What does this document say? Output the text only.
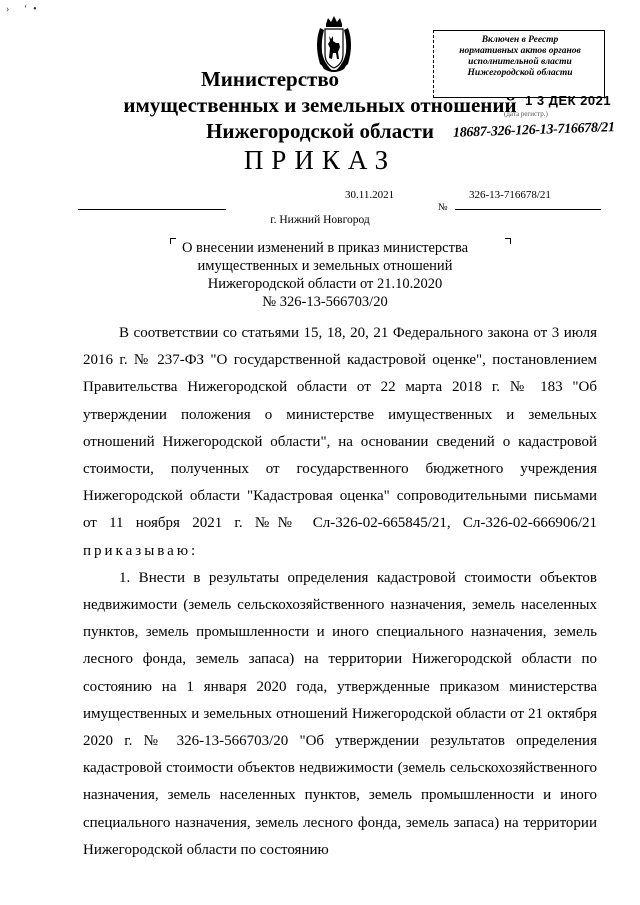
› ‘•
Включен в Реестр
нормативных актов органов
исполнительной власти
Нижегородской области
Министерство
имущественных и земельных отношений
Нижегородской области
1 3 ДЕК 2021
(дата регистр.)
18687-326-126-13-716678/21
ПРИКАЗ
30.11.2021	326-13-716678/21
№
г. Нижний Новгород
О внесении изменений в приказ министерства
имущественных и земельных отношений
Нижегородской области от 21.10.2020
№ 326-13-566703/20

В соответствии со статьями 15, 18, 20, 21 Федерального закона от 3 июля 2016 г. № 237-ФЗ "О государственной кадастровой оценке", постановлением Правительства Нижегородской области от 22 марта 2018 г. № 183 "Об утверждении положения о министерстве имущественных и земельных отношений Нижегородской области", на основании сведений о кадастровой стоимости, полученных от государственного бюджетного учреждения Нижегородской области "Кадастровая оценка" сопроводительными письмами от 11 ноября 2021 г. №№ Сл-326-02-665845/21, Сл-326-02-666906/21 приказываю:

1. Внести в результаты определения кадастровой стоимости объектов недвижимости (земель сельскохозяйственного назначения, земель населенных пунктов, земель промышленности и иного специального назначения, земель лесного фонда, земель запаса) на территории Нижегородской области по состоянию на 1 января 2020 года, утвержденные приказом министерства имущественных и земельных отношений Нижегородской области от 21 октября 2020 г. № 326-13-566703/20 "Об утверждении результатов определения кадастровой стоимости объектов недвижимости (земель сельскохозяйственного назначения, земель населенных пунктов, земель промышленности и иного специального назначения, земель лесного фонда, земель запаса) на территории Нижегородской области по состоянию
